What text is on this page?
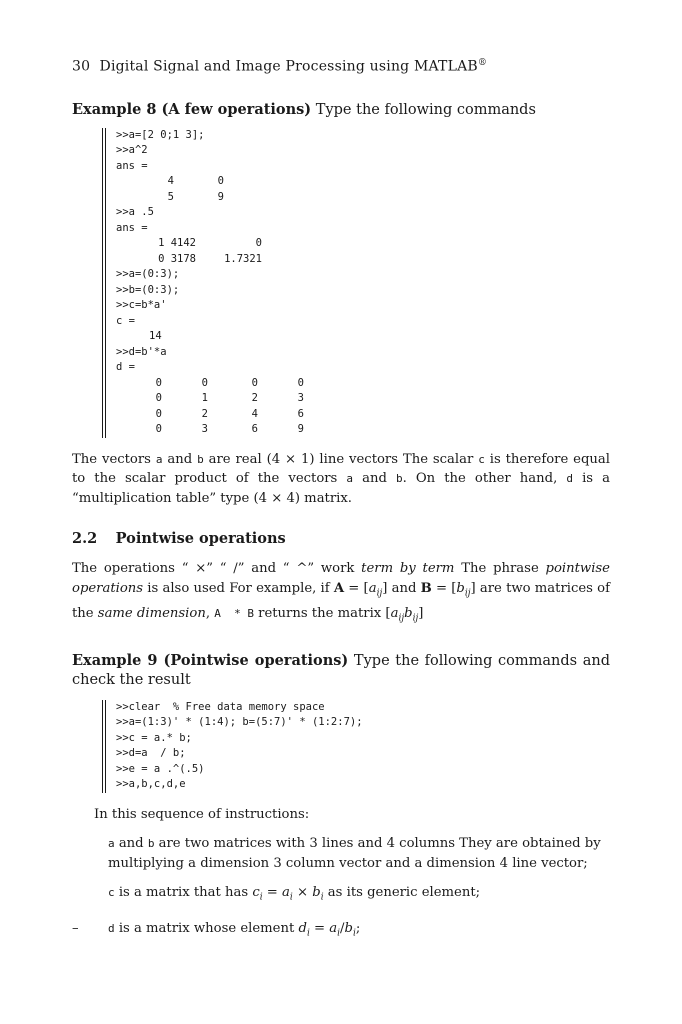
30 Digital Signal and Image Processing using MATLAB®
Example 8 (A few operations) Type the following commands
>>a=[2 0;1 3];
>>a^2
ans =
4	0
5	9
>>a .5
ans =
1 4142	0
0 3178	1.7321
>>a=(0:3);
>>b=(0:3);
>>c=b*a'
c =
14
>>d=b'*a
d =
0	0	0	0
0	1	2	3
0	2	4	6
0	3	6	9
The vectors a and b are real (4 × 1) line vectors The scalar c is therefore equal to the scalar product of the vectors a and b. On the other hand, d is a “multiplication table” type (4 × 4) matrix.
2.2 Pointwise operations
The operations “ ×” “ /” and “ ^” work term by term The phrase pointwise operations is also used For example, if $A = [a_{ij}]$ and $B = [b_{ij}]$ are two matrices of the same dimension, A  * B returns the matrix $[a_{ij}b_{ij}]$
Example 9 (Pointwise operations) Type the following commands and check the result
>>clear  % Free data memory space
>>a=(1:3)' * (1:4); b=(5:7)' * (1:2:7);
>>c = a.* b;
>>d=a  / b;
>>e = a .^(.5)
>>a,b,c,d,e
In this sequence of instructions:
a and b are two matrices with 3 lines and 4 columns They are obtained by multiplying a dimension 3 column vector and a dimension 4 line vector;
c is a matrix that has $c_i = a_i \times b_i$ as its generic element;
–	d is a matrix whose element $d_i = a_i/b_i$;
